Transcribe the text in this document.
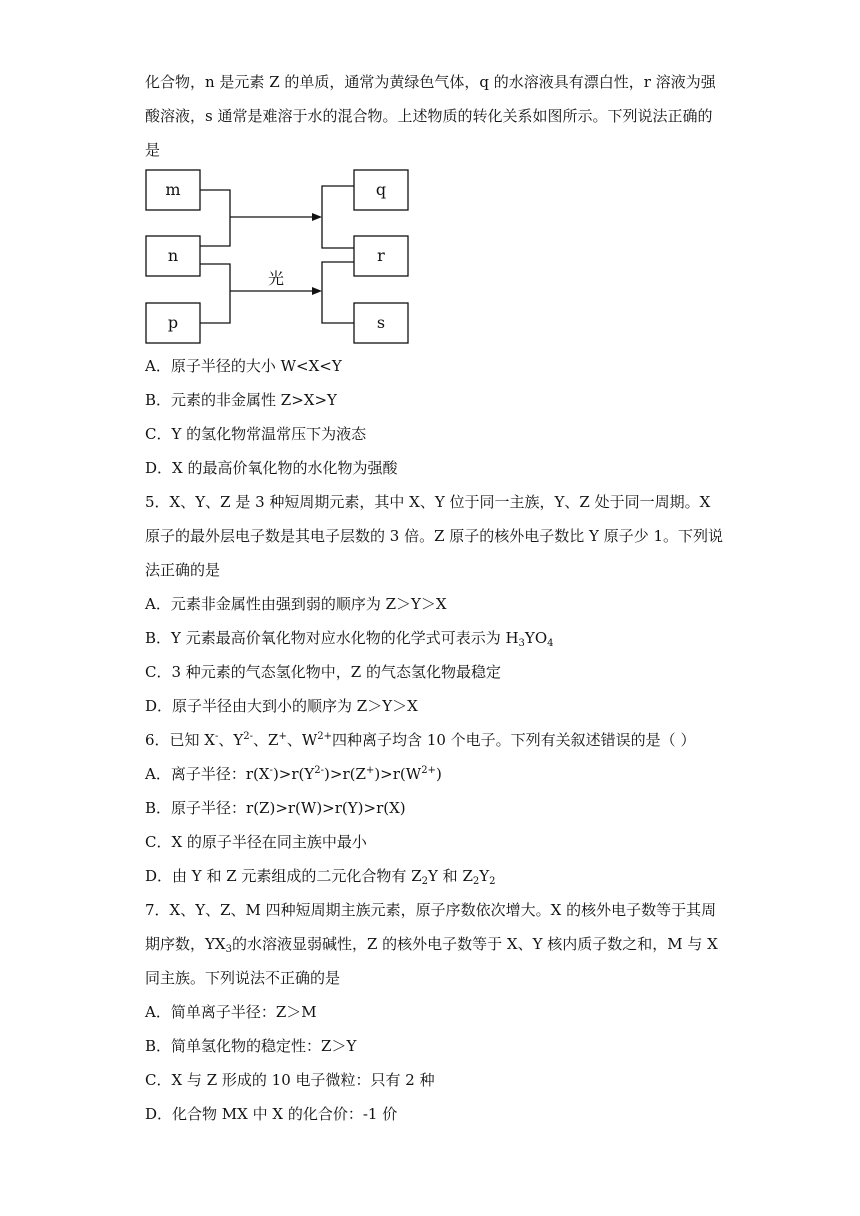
化合物，n 是元素 Z 的单质，通常为黄绿色气体，q 的水溶液具有漂白性，r 溶液为强

酸溶液，s 通常是难溶于水的混合物。上述物质的转化关系如图所示。下列说法正确的

是

m
n
p
q
r
s
光

A．原子半径的大小 W<X<Y

B．元素的非金属性 Z>X>Y

C．Y 的氢化物常温常压下为液态

D．X 的最高价氧化物的水化物为强酸

5．X、Y、Z 是 3 种短周期元素，其中 X、Y 位于同一主族，Y、Z 处于同一周期。X

原子的最外层电子数是其电子层数的 3 倍。Z 原子的核外电子数比 Y 原子少 1。下列说

法正确的是

A．元素非金属性由强到弱的顺序为 Z＞Y＞X

B．Y 元素最高价氧化物对应水化物的化学式可表示为 $H_3YO_4$

C．3 种元素的气态氢化物中，Z 的气态氢化物最稳定

D．原子半径由大到小的顺序为 Z＞Y＞X

6．已知 X-、$Y^{2-}$、Z+、$W^{2+}$四种离子均含 10 个电子。下列有关叙述错误的是（ ）

A．离子半径：$r(X^-)>r(Y^{2-})>r(Z^+)>r(W^{2+})$

B．原子半径：r(Z)>r(W)>r(Y)>r(X)

C．X 的原子半径在同主族中最小

D．由 Y 和 Z 元素组成的二元化合物有 $Z_2Y$ 和 $Z_2Y_2$

7．X、Y、Z、M 四种短周期主族元素，原子序数依次增大。X 的核外电子数等于其周

期序数，$YX_3$的水溶液显弱碱性，Z 的核外电子数等于 X、Y 核内质子数之和，M 与 X

同主族。下列说法不正确的是

A．简单离子半径：Z＞M

B．简单氢化物的稳定性：Z＞Y

C．X 与 Z 形成的 10 电子微粒：只有 2 种

D．化合物 MX 中 X 的化合价：-1 价
